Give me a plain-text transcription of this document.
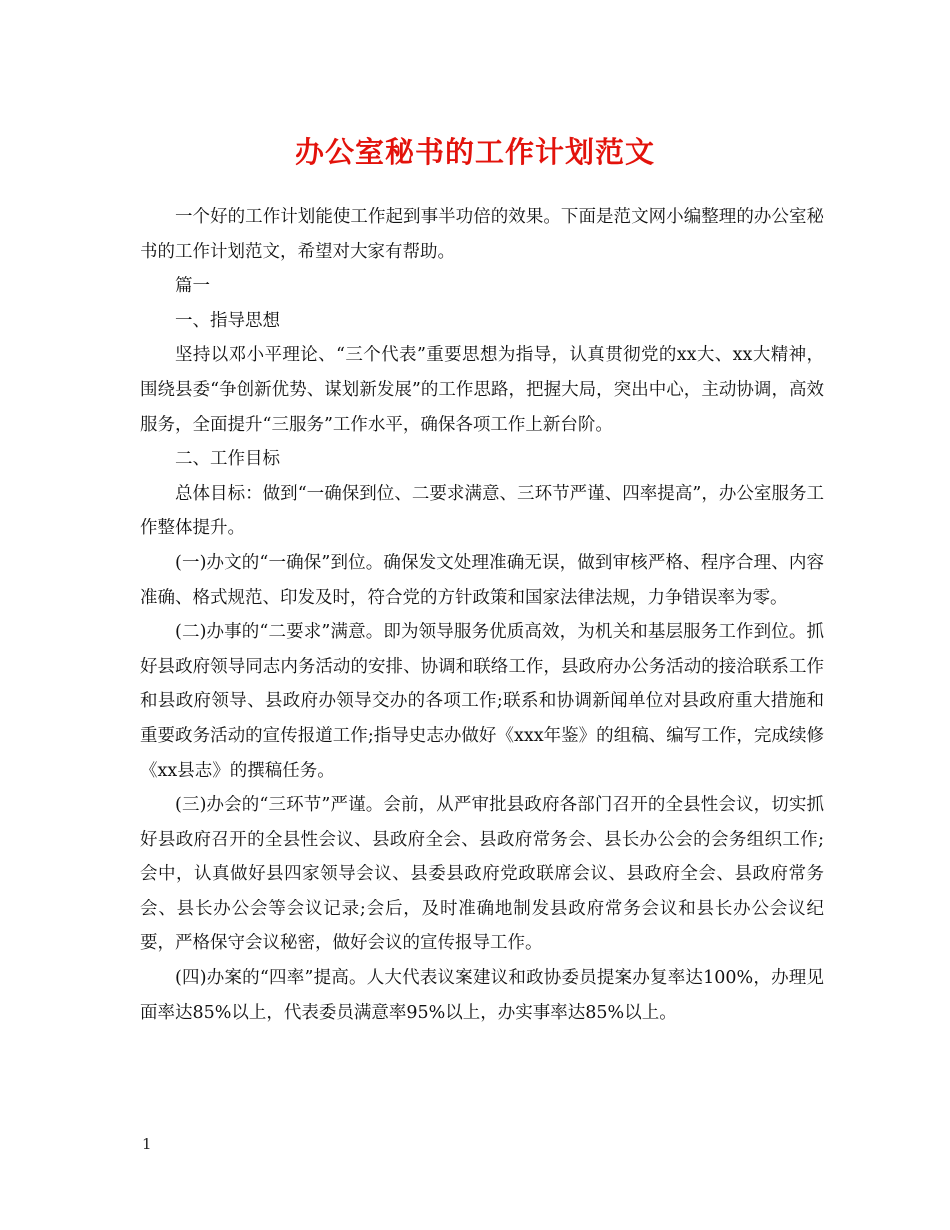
办公室秘书的工作计划范文

一个好的工作计划能使工作起到事半功倍的效果。下面是范文网小编整理的办公室秘书的工作计划范文，希望对大家有帮助。

篇一

一、指导思想

坚持以邓小平理论、“三个代表”重要思想为指导，认真贯彻党的xx大、xx大精神，围绕县委“争创新优势、谋划新发展”的工作思路，把握大局，突出中心，主动协调，高效服务，全面提升“三服务”工作水平，确保各项工作上新台阶。

二、工作目标

总体目标：做到“一确保到位、二要求满意、三环节严谨、四率提高”，办公室服务工作整体提升。

(一)办文的“一确保”到位。确保发文处理准确无误，做到审核严格、程序合理、内容准确、格式规范、印发及时，符合党的方针政策和国家法律法规，力争错误率为零。

(二)办事的“二要求”满意。即为领导服务优质高效，为机关和基层服务工作到位。抓好县政府领导同志内务活动的安排、协调和联络工作，县政府办公务活动的接洽联系工作和县政府领导、县政府办领导交办的各项工作;联系和协调新闻单位对县政府重大措施和重要政务活动的宣传报道工作;指导史志办做好《xxx年鉴》的组稿、编写工作，完成续修《xx县志》的撰稿任务。

(三)办会的“三环节”严谨。会前，从严审批县政府各部门召开的全县性会议，切实抓好县政府召开的全县性会议、县政府全会、县政府常务会、县长办公会的会务组织工作;会中，认真做好县四家领导会议、县委县政府党政联席会议、县政府全会、县政府常务会、县长办公会等会议记录;会后，及时准确地制发县政府常务会议和县长办公会议纪要，严格保守会议秘密，做好会议的宣传报导工作。

(四)办案的“四率”提高。人大代表议案建议和政协委员提案办复率达100%，办理见面率达85%以上，代表委员满意率95%以上，办实事率达85%以上。

1
